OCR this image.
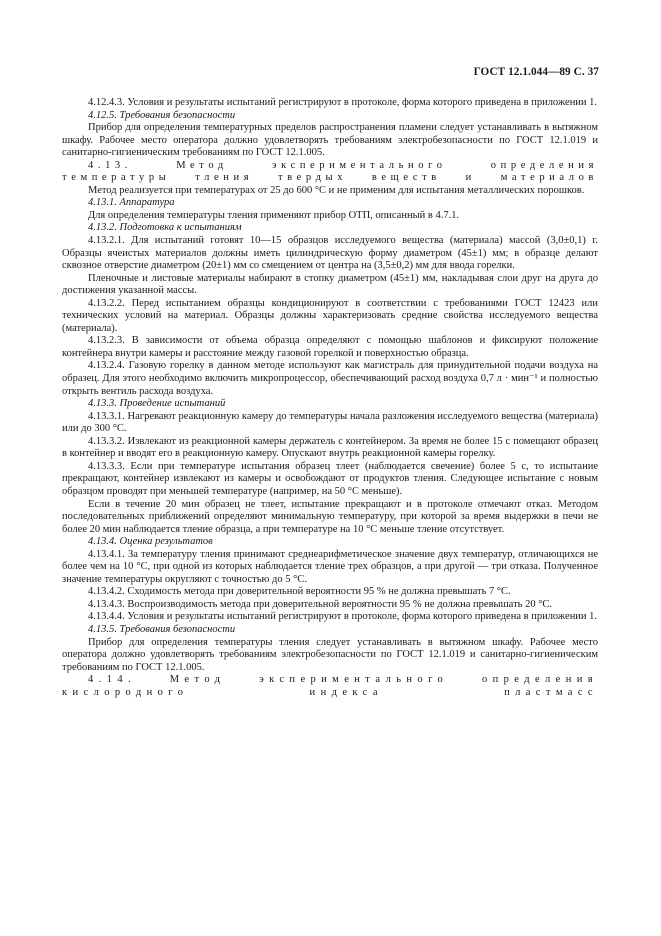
ГОСТ 12.1.044—89 С. 37

4.12.4.3. Условия и результаты испытаний регистрируют в протоколе, форма которого приведена в приложении 1.

4.12.5. Требования безопасности

Прибор для определения температурных пределов распространения пламени следует устанавливать в вытяжном шкафу. Рабочее место оператора должно удовлетворять требованиям электробезопасности по ГОСТ 12.1.019 и санитарно-гигиеническим требованиям по ГОСТ 12.1.005.

4.13. Метод экспериментального определения температуры тления твердых веществ и материалов

Метод реализуется при температурах от 25 до 600 °С и не применим для испытания металлических порошков.

4.13.1. Аппаратура

Для определения температуры тления применяют прибор ОТП, описанный в 4.7.1.

4.13.2. Подготовка к испытаниям

4.13.2.1. Для испытаний готовят 10—15 образцов исследуемого вещества (материала) массой (3,0±0,1) г. Образцы ячеистых материалов должны иметь цилиндрическую форму диаметром (45±1) мм; в образце делают сквозное отверстие диаметром (20±1) мм со смещением от центра на (3,5±0,2) мм для ввода горелки.

Пленочные и листовые материалы набирают в стопку диаметром (45±1) мм, накладывая слои друг на друга до достижения указанной массы.

4.13.2.2. Перед испытанием образцы кондиционируют в соответствии с требованиями ГОСТ 12423 или технических условий на материал. Образцы должны характеризовать средние свойства исследуемого вещества (материала).

4.13.2.3. В зависимости от объема образца определяют с помощью шаблонов и фиксируют положение контейнера внутри камеры и расстояние между газовой горелкой и поверхностью образца.

4.13.2.4. Газовую горелку в данном методе используют как магистраль для принудительной подачи воздуха на образец. Для этого необходимо включить микропроцессор, обеспечивающий расход воздуха 0,7 л · мин⁻¹ и полностью открыть вентиль расхода воздуха.

4.13.3. Проведение испытаний

4.13.3.1. Нагревают реакционную камеру до температуры начала разложения исследуемого вещества (материала) или до 300 °С.

4.13.3.2. Извлекают из реакционной камеры держатель с контейнером. За время не более 15 с помещают образец в контейнер и вводят его в реакционную камеру. Опускают внутрь реакционной камеры горелку.

4.13.3.3. Если при температуре испытания образец тлеет (наблюдается свечение) более 5 с, то испытание прекращают, контейнер извлекают из камеры и освобождают от продуктов тления. Следующее испытание с новым образцом проводят при меньшей температуре (например, на 50 °С меньше).

Если в течение 20 мин образец не тлеет, испытание прекращают и в протоколе отмечают отказ. Методом последовательных приближений определяют минимальную температуру, при которой за время выдержки в печи не более 20 мин наблюдается тление образца, а при температуре на 10 °С меньше тление отсутствует.

4.13.4. Оценка результатов

4.13.4.1. За температуру тления принимают среднеарифметическое значение двух температур, отличающихся не более чем на 10 °С, при одной из которых наблюдается тление трех образцов, а при другой — три отказа. Полученное значение температуры округляют с точностью до 5 °С.

4.13.4.2. Сходимость метода при доверительной вероятности 95 % не должна превышать 7 °С.

4.13.4.3. Воспроизводимость метода при доверительной вероятности 95 % не должна превышать 20 °С.

4.13.4.4. Условия и результаты испытаний регистрируют в протоколе, форма которого приведена в приложении 1.

4.13.5. Требования безопасности

Прибор для определения температуры тления следует устанавливать в вытяжном шкафу. Рабочее место оператора должно удовлетворять требованиям электробезопасности по ГОСТ 12.1.019 и санитарно-гигиеническим требованиям по ГОСТ 12.1.005.

4.14. Метод экспериментального определения кислородного индекса пластмасс
